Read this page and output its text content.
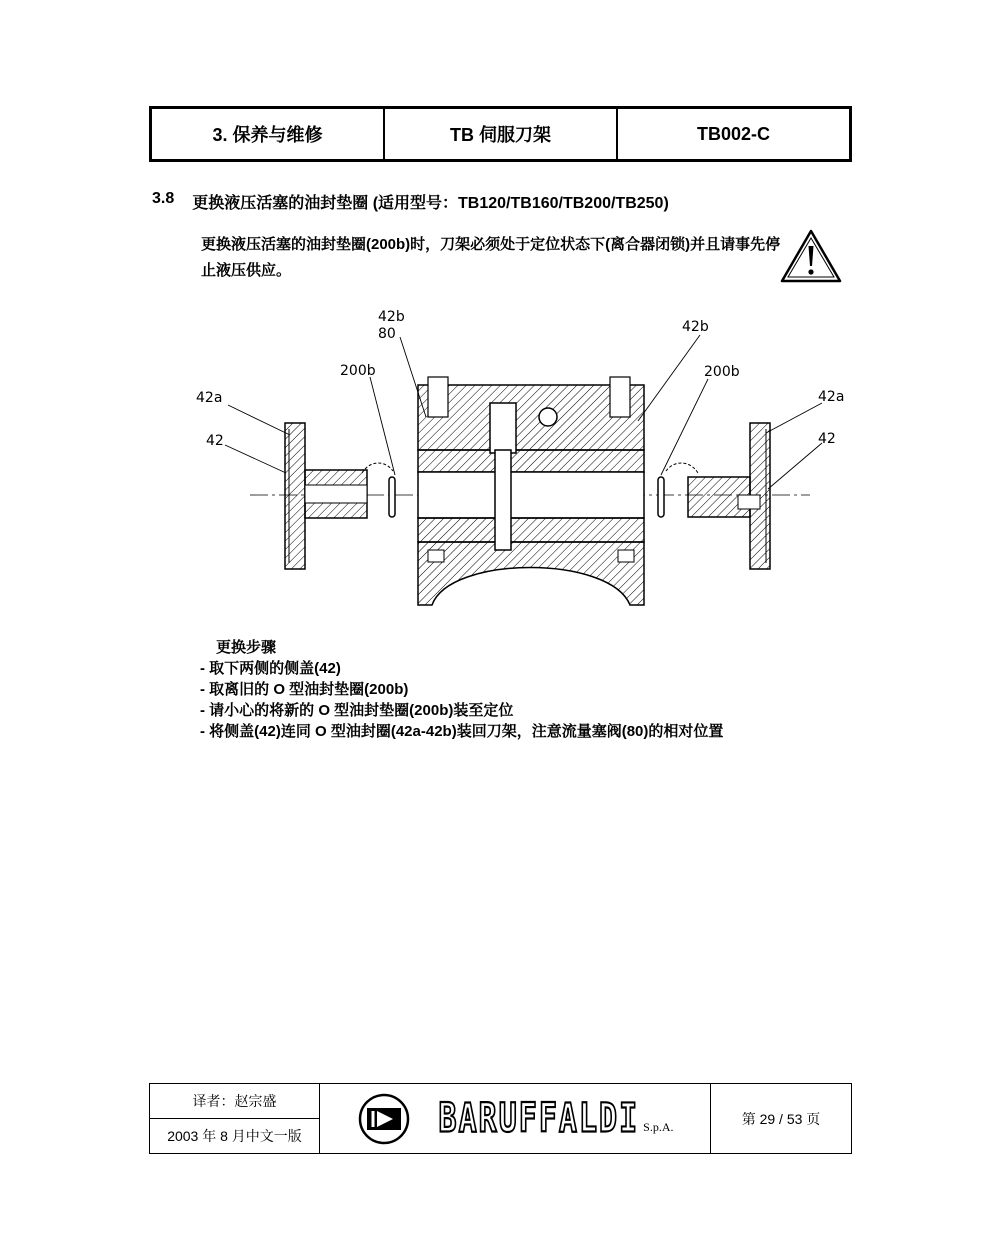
3. 保养与维修	TB 伺服刀架	TB002-C
3.8 更换液压活塞的油封垫圈 (适用型号：TB120/TB160/TB200/TB250)
更换液压活塞的油封垫圈(200b)时，刀架必须处于定位状态下(离合器闭锁)并且请事先停止液压供应。
42b
80
200b
42a
42
42b
200b
42a
42
更换步骤
- 取下两侧的侧盖(42)
- 取离旧的 O 型油封垫圈(200b)
- 请小心的将新的 O 型油封垫圈(200b)装至定位
- 将侧盖(42)连同 O 型油封圈(42a-42b)装回刀架，注意流量塞阀(80)的相对位置
译者：赵宗盛
2003 年 8 月中文一版	BARUFFALDI S.p.A.
第 29 / 53 页
